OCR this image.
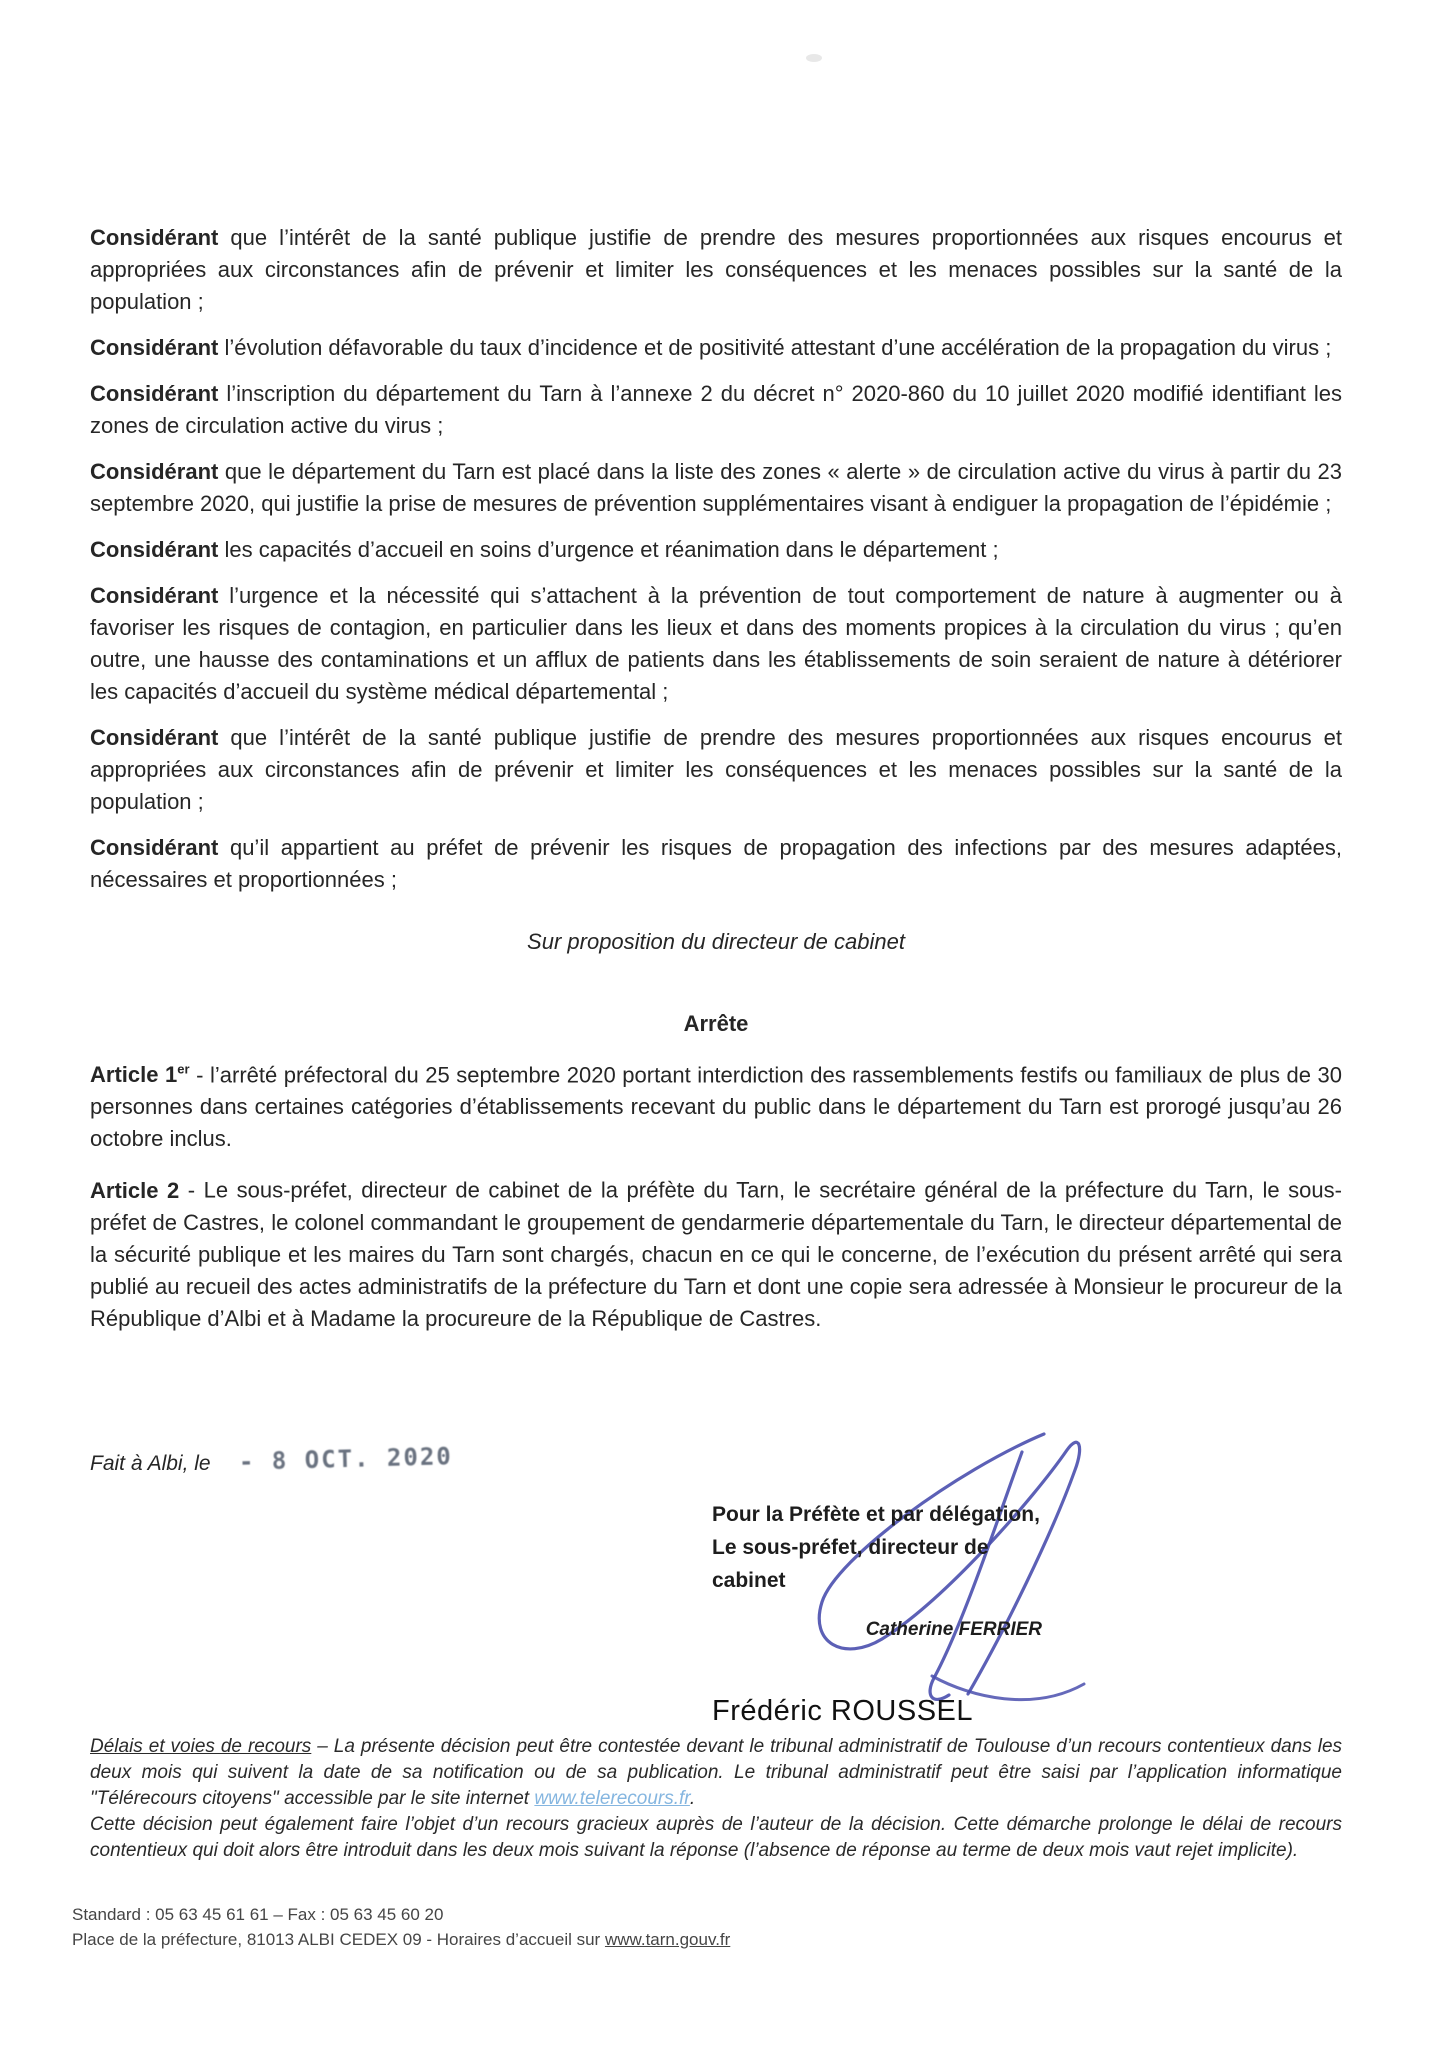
Considérant que l’intérêt de la santé publique justifie de prendre des mesures proportionnées aux risques encourus et appropriées aux circonstances afin de prévenir et limiter les conséquences et les menaces possibles sur la santé de la population ;

Considérant l’évolution défavorable du taux d’incidence et de positivité attestant d’une accélération de la propagation du virus ;

Considérant l’inscription du département du Tarn à l’annexe 2 du décret n° 2020-860 du 10 juillet 2020 modifié identifiant les zones de circulation active du virus ;

Considérant que le département du Tarn est placé dans la liste des zones « alerte » de circulation active du virus à partir du 23 septembre 2020, qui justifie la prise de mesures de prévention supplémentaires visant à endiguer la propagation de l’épidémie ;

Considérant les capacités d’accueil en soins d’urgence et réanimation dans le département ;

Considérant l’urgence et la nécessité qui s’attachent à la prévention de tout comportement de nature à augmenter ou à favoriser les risques de contagion, en particulier dans les lieux et dans des moments propices à la circulation du virus ; qu’en outre, une hausse des contaminations et un afflux de patients dans les établissements de soin seraient de nature à détériorer les capacités d’accueil du système médical départemental ;

Considérant que l’intérêt de la santé publique justifie de prendre des mesures proportionnées aux risques encourus et appropriées aux circonstances afin de prévenir et limiter les conséquences et les menaces possibles sur la santé de la population ;

Considérant qu’il appartient au préfet de prévenir les risques de propagation des infections par des mesures adaptées, nécessaires et proportionnées ;

Sur proposition du directeur de cabinet

Arrête

Article 1er - l’arrêté préfectoral du 25 septembre 2020 portant interdiction des rassemblements festifs ou familiaux de plus de 30 personnes dans certaines catégories d’établissements recevant du public dans le département du Tarn est prorogé jusqu’au 26 octobre inclus.

Article 2 - Le sous-préfet, directeur de cabinet de la préfète du Tarn, le secrétaire général de la préfecture du Tarn, le sous-préfet de Castres, le colonel commandant le groupement de gendarmerie départementale du Tarn, le directeur départemental de la sécurité publique et les maires du Tarn sont chargés, chacun en ce qui le concerne, de l’exécution du présent arrêté qui sera publié au recueil des actes administratifs de la préfecture du Tarn et dont une copie sera adressée à Monsieur le procureur de la République d’Albi et à Madame la procureure de la République de Castres.

Fait à Albi, le - 8 OCT. 2020
Pour la Préfète et par délégation,
Le sous-préfet, directeur de cabinet
Catherine FERRIER
Frédéric ROUSSEL

Délais et voies de recours – La présente décision peut être contestée devant le tribunal administratif de Toulouse d’un recours contentieux dans les deux mois qui suivent la date de sa notification ou de sa publication. Le tribunal administratif peut être saisi par l’application informatique "Télérecours citoyens" accessible par le site internet www.telerecours.fr.

Cette décision peut également faire l’objet d’un recours gracieux auprès de l’auteur de la décision. Cette démarche prolonge le délai de recours contentieux qui doit alors être introduit dans les deux mois suivant la réponse (l’absence de réponse au terme de deux mois vaut rejet implicite).

Standard : 05 63 45 61 61 – Fax : 05 63 45 60 20
Place de la préfecture, 81013 ALBI CEDEX 09 - Horaires d’accueil sur www.tarn.gouv.fr
